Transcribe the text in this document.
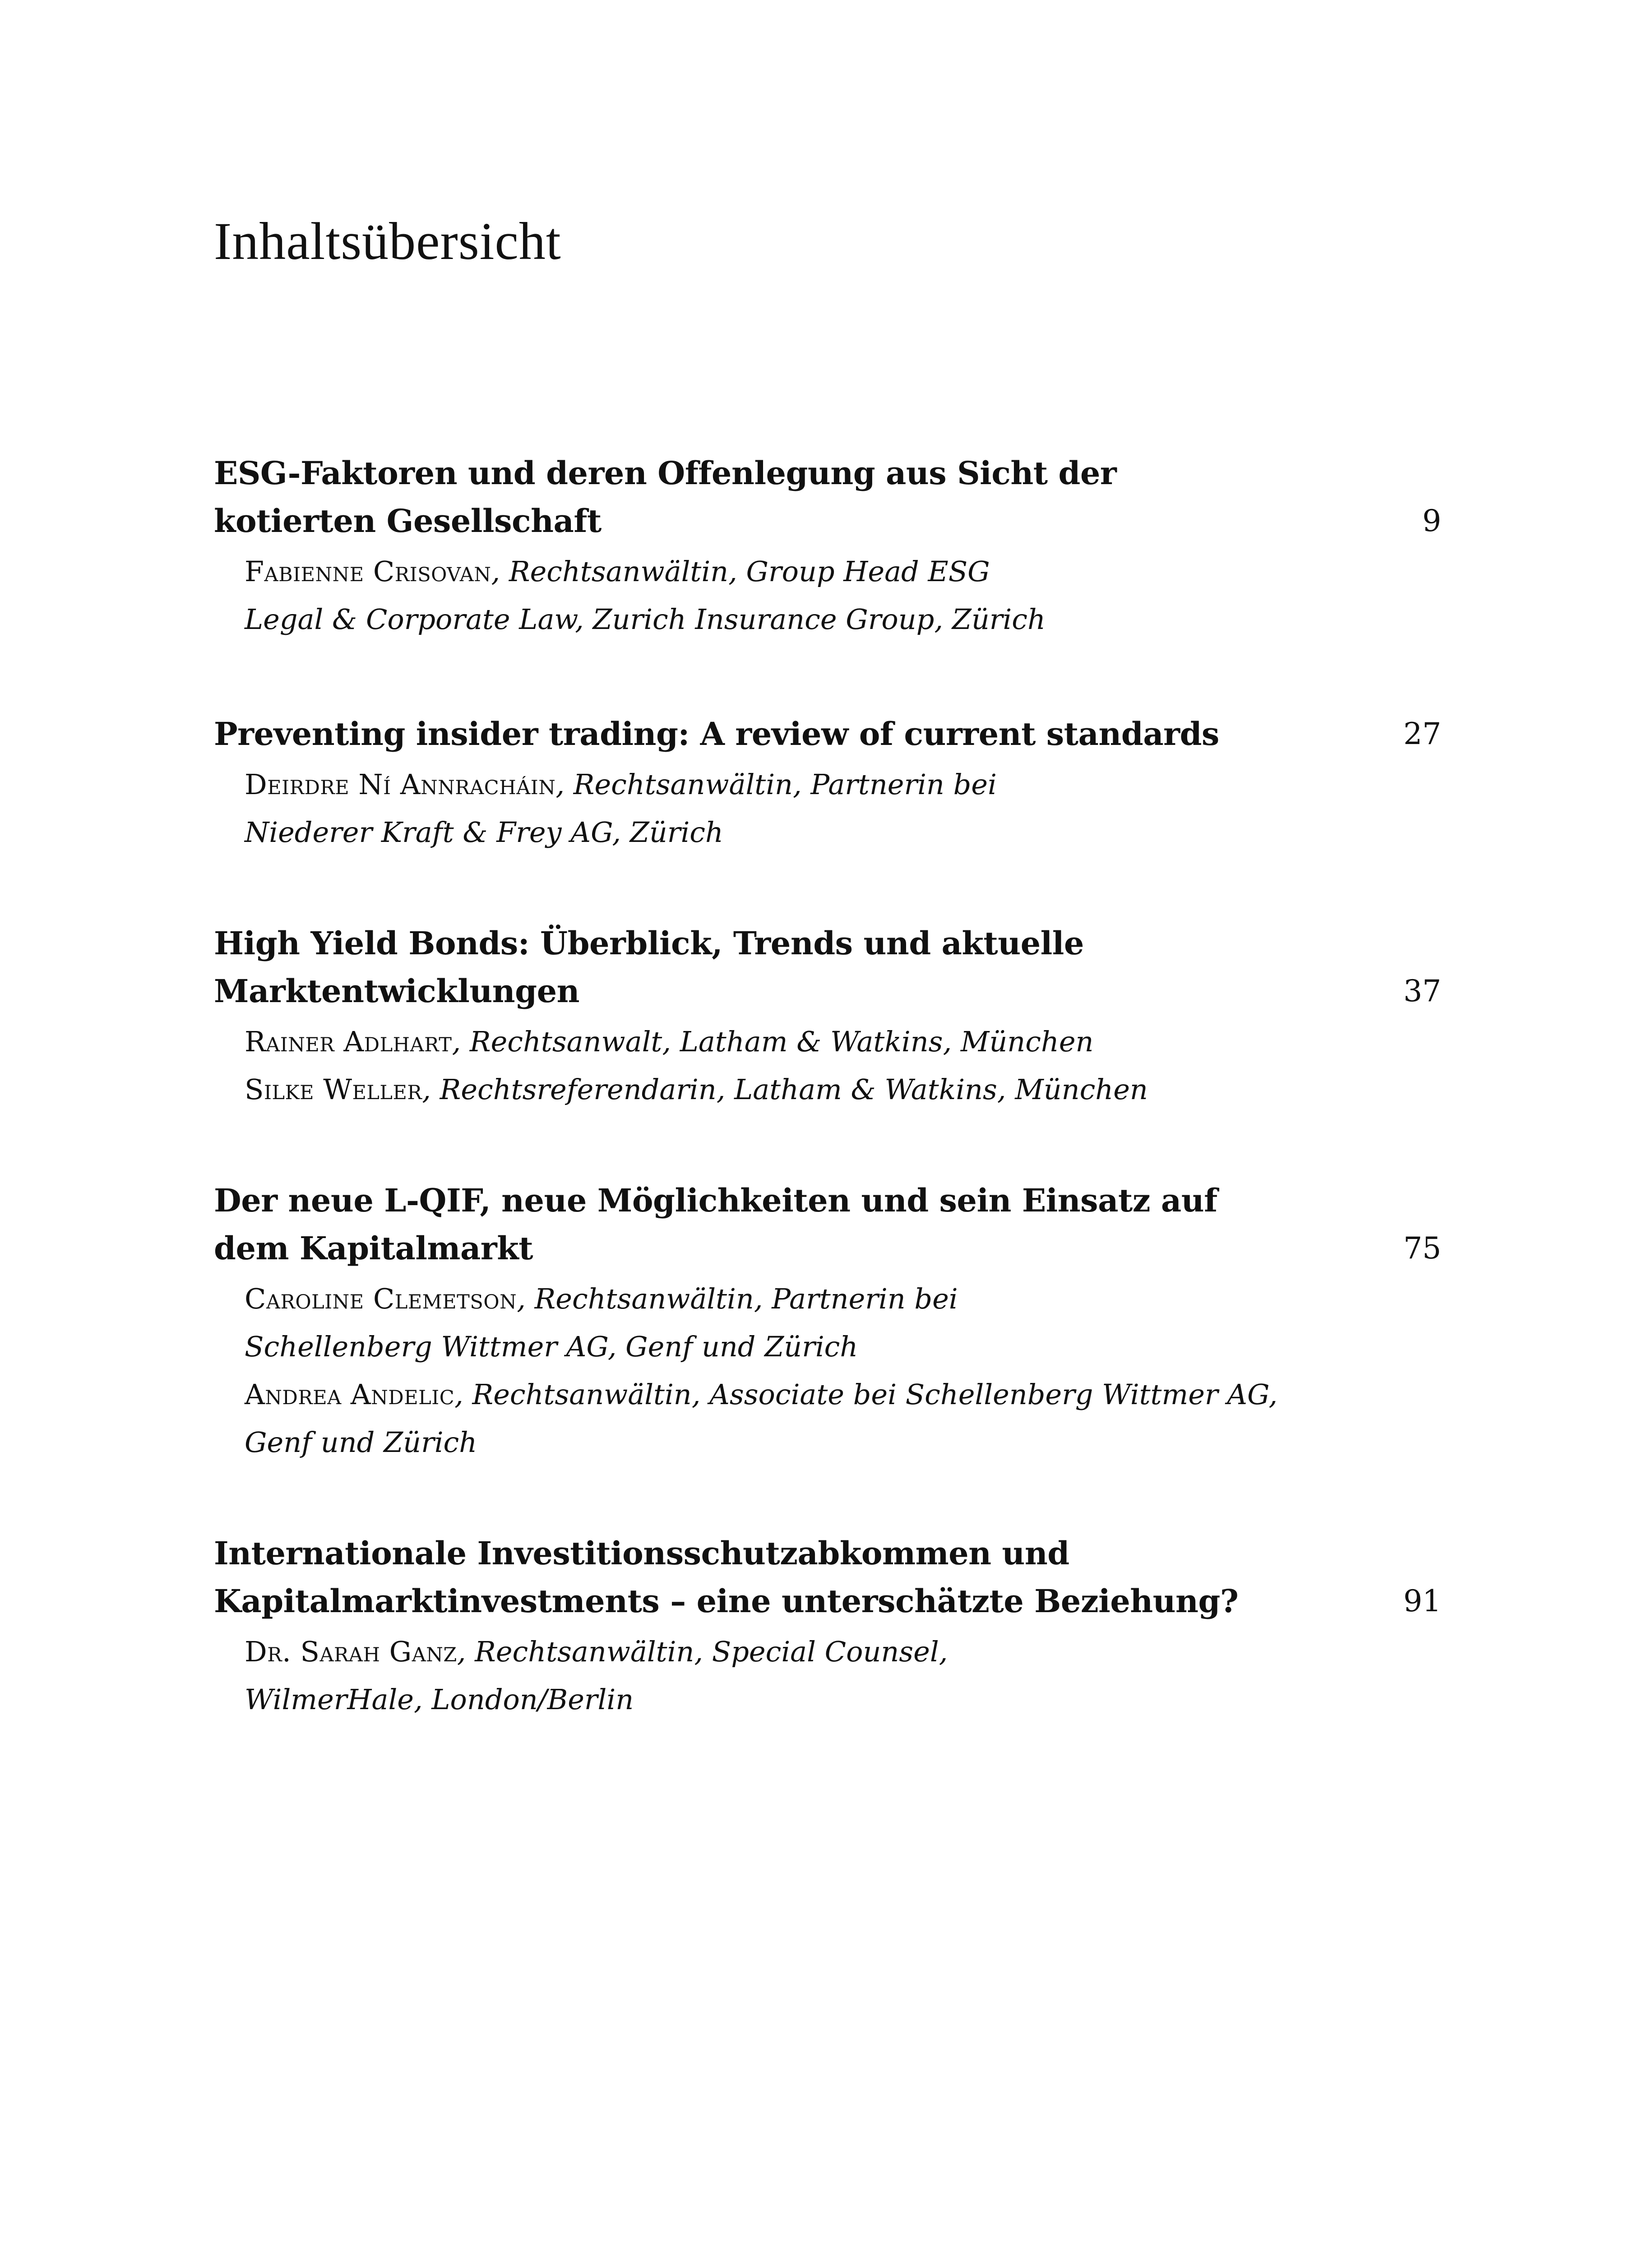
Inhaltsübersicht
ESG-Faktoren und deren Offenlegung aus Sicht der
kotierten Gesellschaft	9
Fabienne Crisovan, Rechtsanwältin, Group Head ESG
Legal & Corporate Law, Zurich Insurance Group, Zürich
Preventing insider trading: A review of current standards	27
Deirdre Ní Annracháin, Rechtsanwältin, Partnerin bei
Niederer Kraft & Frey AG, Zürich
High Yield Bonds: Überblick, Trends und aktuelle
Marktentwicklungen	37
Rainer Adlhart, Rechtsanwalt, Latham & Watkins, München
Silke Weller, Rechtsreferendarin, Latham & Watkins, München
Der neue L-QIF, neue Möglichkeiten und sein Einsatz auf
dem Kapitalmarkt	75
Caroline Clemetson, Rechtsanwältin, Partnerin bei
Schellenberg Wittmer AG, Genf und Zürich
Andrea Andelic, Rechtsanwältin, Associate bei Schellenberg Wittmer AG,
Genf und Zürich
Internationale Investitionsschutzabkommen und
Kapitalmarktinvestments – eine unterschätzte Beziehung?	91
Dr. Sarah Ganz, Rechtsanwältin, Special Counsel,
WilmerHale, London/Berlin
